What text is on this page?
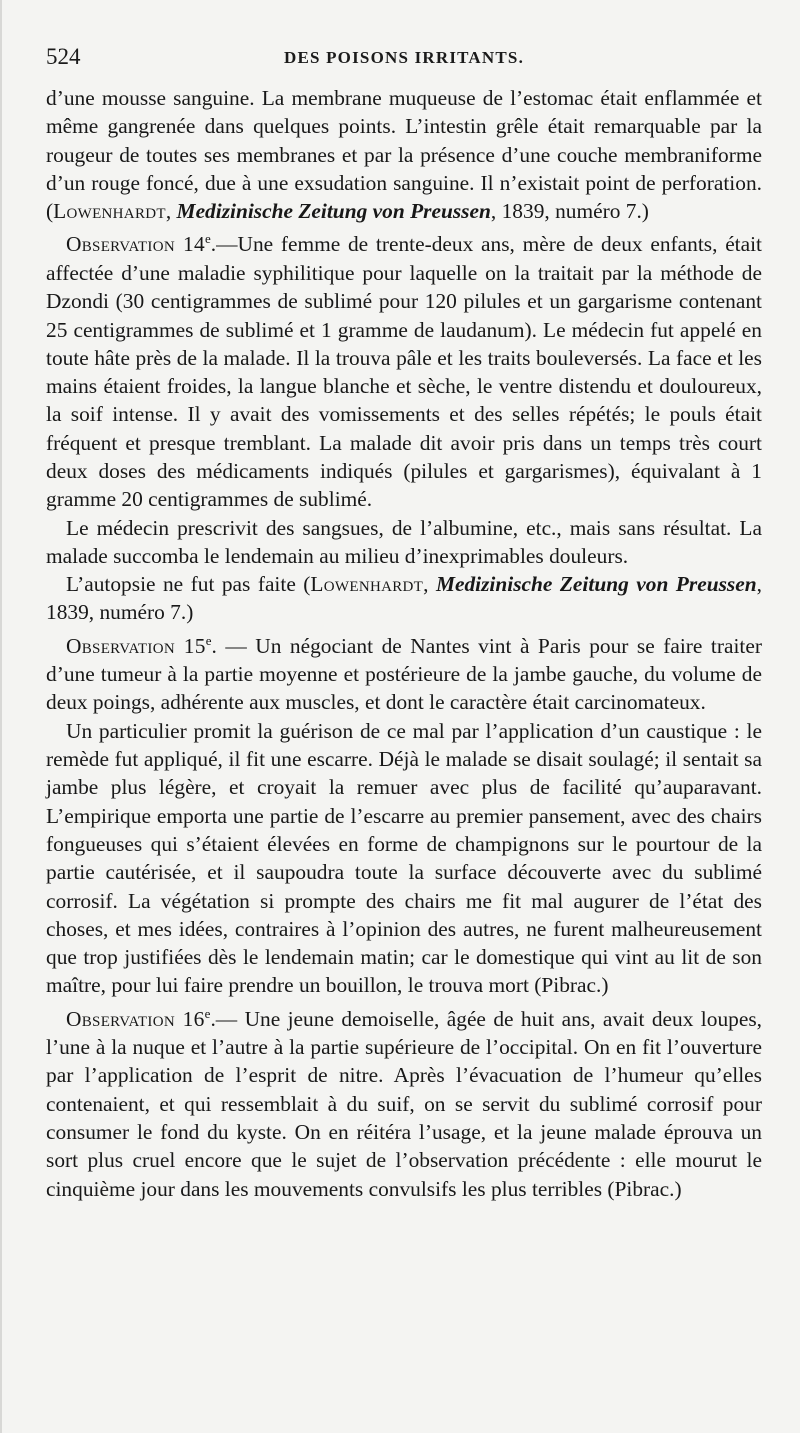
524	DES POISONS IRRITANTS.

d’une mousse sanguine. La membrane muqueuse de l’estomac était enflammée et même gangrenée dans quelques points. L’intestin grêle était remarquable par la rougeur de toutes ses membranes et par la présence d’une couche membraniforme d’un rouge foncé, due à une exsudation sanguine. Il n’existait point de perforation. (Lowenhardt, Medizinische Zeitung von Preussen, 1839, numéro 7.)

Observation 14e.—Une femme de trente-deux ans, mère de deux enfants, était affectée d’une maladie syphilitique pour laquelle on la traitait par la méthode de Dzondi (30 centigrammes de sublimé pour 120 pilules et un gargarisme contenant 25 centigrammes de sublimé et 1 gramme de laudanum). Le médecin fut appelé en toute hâte près de la malade. Il la trouva pâle et les traits bouleversés. La face et les mains étaient froides, la langue blanche et sèche, le ventre distendu et douloureux, la soif intense. Il y avait des vomissements et des selles répétés; le pouls était fréquent et presque tremblant. La malade dit avoir pris dans un temps très court deux doses des médicaments indiqués (pilules et gargarismes), équivalant à 1 gramme 20 centigrammes de sublimé.

Le médecin prescrivit des sangsues, de l’albumine, etc., mais sans résultat. La malade succomba le lendemain au milieu d’inexprimables douleurs.

L’autopsie ne fut pas faite (Lowenhardt, Medizinische Zeitung von Preussen, 1839, numéro 7.)

Observation 15e. — Un négociant de Nantes vint à Paris pour se faire traiter d’une tumeur à la partie moyenne et postérieure de la jambe gauche, du volume de deux poings, adhérente aux muscles, et dont le caractère était carcinomateux.

Un particulier promit la guérison de ce mal par l’application d’un caustique : le remède fut appliqué, il fit une escarre. Déjà le malade se disait soulagé; il sentait sa jambe plus légère, et croyait la remuer avec plus de facilité qu’auparavant. L’empirique emporta une partie de l’escarre au premier pansement, avec des chairs fongueuses qui s’étaient élevées en forme de champignons sur le pourtour de la partie cautérisée, et il saupoudra toute la surface découverte avec du sublimé corrosif. La végétation si prompte des chairs me fit mal augurer de l’état des choses, et mes idées, contraires à l’opinion des autres, ne furent malheureusement que trop justifiées dès le lendemain matin; car le domestique qui vint au lit de son maître, pour lui faire prendre un bouillon, le trouva mort (Pibrac.)

Observation 16e.— Une jeune demoiselle, âgée de huit ans, avait deux loupes, l’une à la nuque et l’autre à la partie supérieure de l’occipital. On en fit l’ouverture par l’application de l’esprit de nitre. Après l’évacuation de l’humeur qu’elles contenaient, et qui ressemblait à du suif, on se servit du sublimé corrosif pour consumer le fond du kyste. On en réitéra l’usage, et la jeune malade éprouva un sort plus cruel encore que le sujet de l’observation précédente : elle mourut le cinquième jour dans les mouvements convulsifs les plus terribles (Pibrac.)
